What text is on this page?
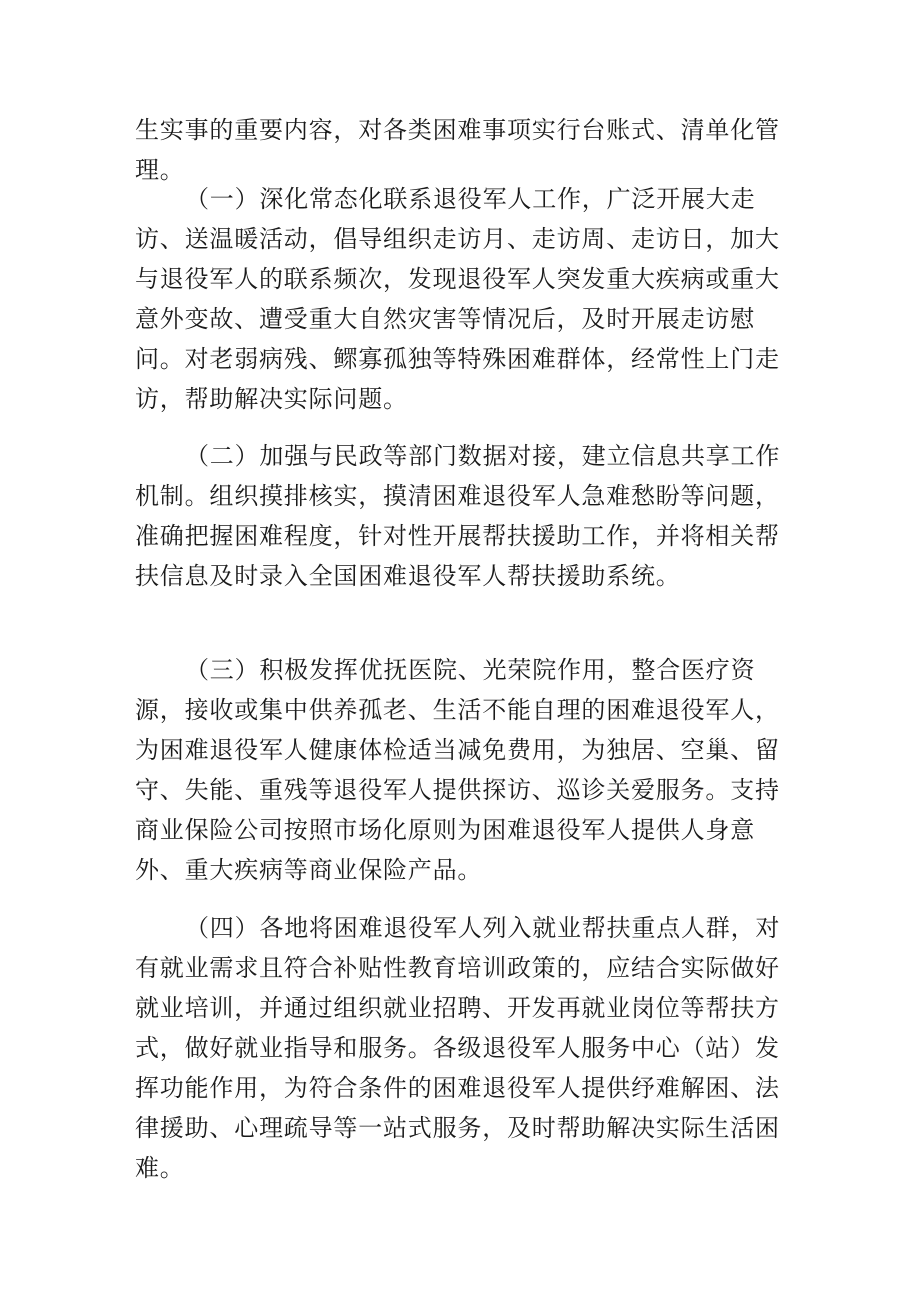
生实事的重要内容，对各类困难事项实行台账式、清单化管理。

（一）深化常态化联系退役军人工作，广泛开展大走访、送温暖活动，倡导组织走访月、走访周、走访日，加大与退役军人的联系频次，发现退役军人突发重大疾病或重大意外变故、遭受重大自然灾害等情况后，及时开展走访慰问。对老弱病残、鳏寡孤独等特殊困难群体，经常性上门走访，帮助解决实际问题。

（二）加强与民政等部门数据对接，建立信息共享工作机制。组织摸排核实，摸清困难退役军人急难愁盼等问题，准确把握困难程度，针对性开展帮扶援助工作，并将相关帮扶信息及时录入全国困难退役军人帮扶援助系统。

（三）积极发挥优抚医院、光荣院作用，整合医疗资源，接收或集中供养孤老、生活不能自理的困难退役军人，为困难退役军人健康体检适当减免费用，为独居、空巢、留守、失能、重残等退役军人提供探访、巡诊关爱服务。支持商业保险公司按照市场化原则为困难退役军人提供人身意外、重大疾病等商业保险产品。

（四）各地将困难退役军人列入就业帮扶重点人群，对有就业需求且符合补贴性教育培训政策的，应结合实际做好就业培训，并通过组织就业招聘、开发再就业岗位等帮扶方式，做好就业指导和服务。各级退役军人服务中心（站）发挥功能作用，为符合条件的困难退役军人提供纾难解困、法律援助、心理疏导等一站式服务，及时帮助解决实际生活困难。
